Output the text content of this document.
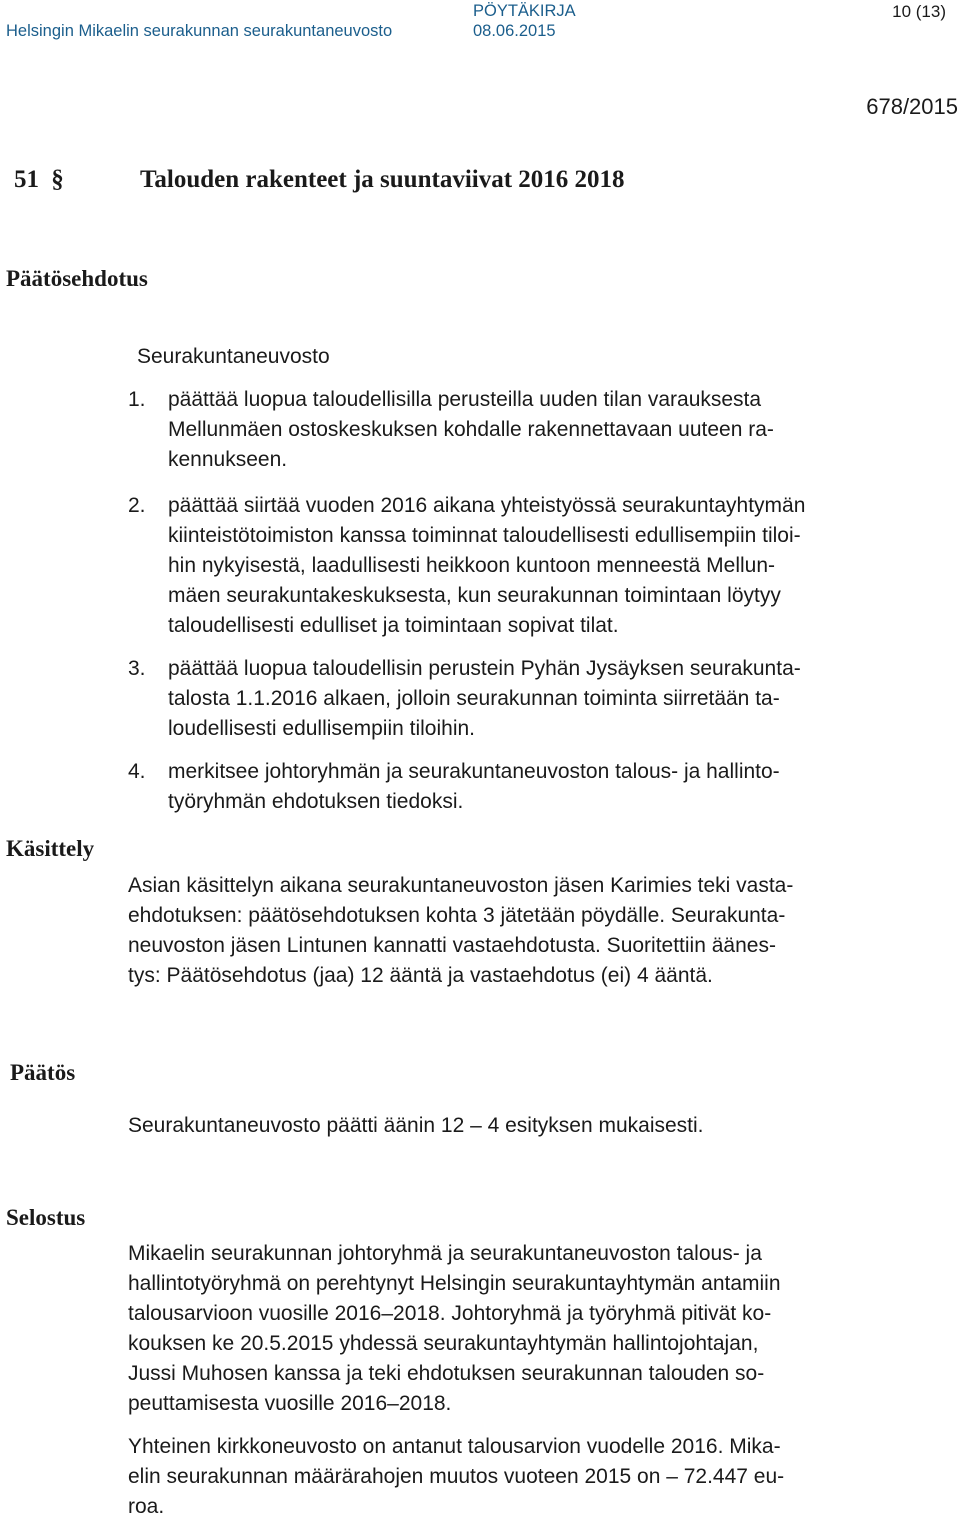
Helsingin Mikaelin seurakunnan seurakuntaneuvosto
PÖYTÄKIRJA
08.06.2015
10 (13)
678/2015
51 §	Talouden rakenteet ja suuntaviivat 2016 2018
Päätösehdotus
Seurakuntaneuvosto
1. päättää luopua taloudellisilla perusteilla uuden tilan varauksesta
Mellunmäen ostoskeskuksen kohdalle rakennettavaan uuteen ra-
kennukseen.
2. päättää siirtää vuoden 2016 aikana yhteistyössä seurakuntayhtymän
kiinteistötoimiston kanssa toiminnat taloudellisesti edullisempiin tiloi-
hin nykyisestä, laadullisesti heikkoon kuntoon menneestä Mellun-
mäen seurakuntakeskuksesta, kun seurakunnan toimintaan löytyy
taloudellisesti edulliset ja toimintaan sopivat tilat.
3. päättää luopua taloudellisin perustein Pyhän Jysäyksen seurakunta-
talosta 1.1.2016 alkaen, jolloin seurakunnan toiminta siirretään ta-
loudellisesti edullisempiin tiloihin.
4. merkitsee johtoryhmän ja seurakuntaneuvoston talous- ja hallinto-
työryhmän ehdotuksen tiedoksi.
Käsittely
Asian käsittelyn aikana seurakuntaneuvoston jäsen Karimies teki vasta-
ehdotuksen: päätösehdotuksen kohta 3 jätetään pöydälle. Seurakunta-
neuvoston jäsen Lintunen kannatti vastaehdotusta. Suoritettiin äänes-
tys: Päätösehdotus (jaa) 12 ääntä ja vastaehdotus (ei) 4 ääntä.
Päätös
Seurakuntaneuvosto päätti äänin 12 – 4 esityksen mukaisesti.
Selostus
Mikaelin seurakunnan johtoryhmä ja seurakuntaneuvoston talous- ja
hallintotyöryhmä on perehtynyt Helsingin seurakuntayhtymän antamiin
talousarvioon vuosille 2016–2018. Johtoryhmä ja työryhmä pitivät ko-
kouksen ke 20.5.2015 yhdessä seurakuntayhtymän hallintojohtajan,
Jussi Muhosen kanssa ja teki ehdotuksen seurakunnan talouden so-
peuttamisesta vuosille 2016–2018.
Yhteinen kirkkoneuvosto on antanut talousarvion vuodelle 2016. Mika-
elin seurakunnan määrärahojen muutos vuoteen 2015 on – 72.447 eu-
roa.
